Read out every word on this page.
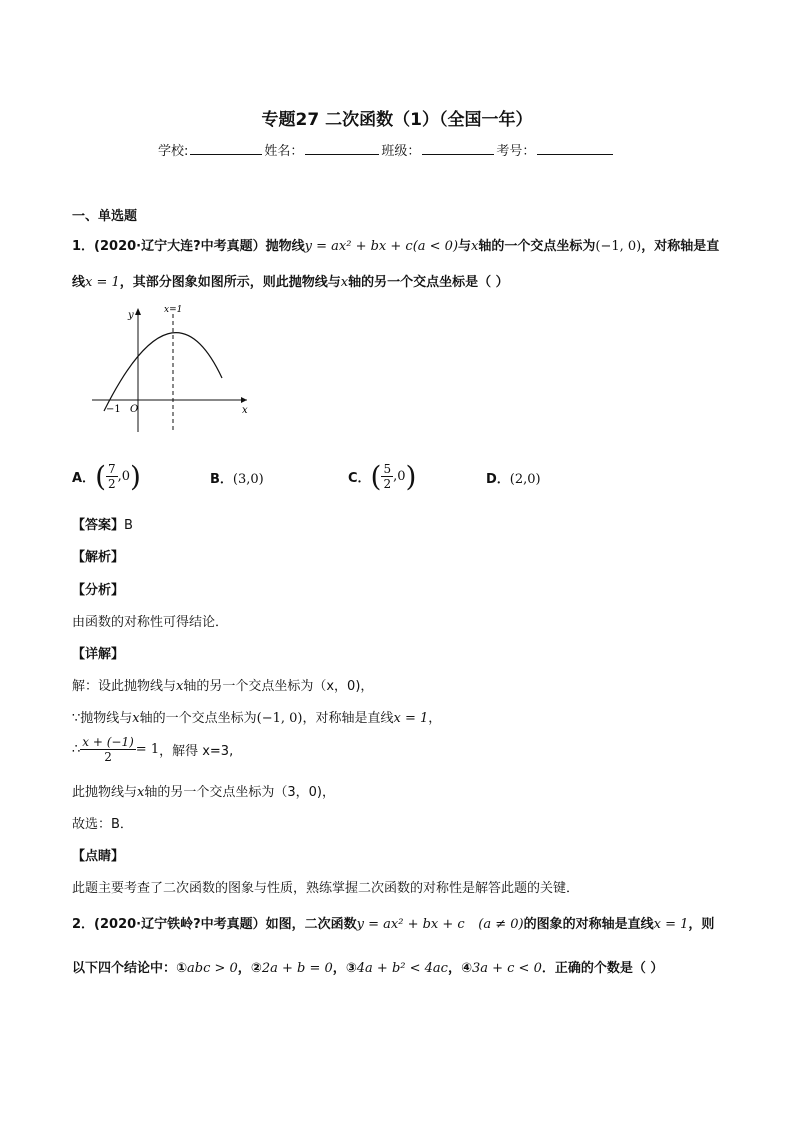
专题27 二次函数（1）（全国一年）
学校:	姓名：	班级：	考号：
一、单选题
1．(2020·辽宁大连?中考真题）抛物线y = ax² + bx + c(a < 0)与x轴的一个交点坐标为(−1, 0)，对称轴是直
线x = 1，其部分图象如图所示，则此抛物线与x轴的另一个交点坐标是（ ）
y
x
x=1
−1 O
A．( $\frac{7}{2} ,0$)	B．(3,0)	C．( $\frac{5}{2} ,0$)	D．(2,0)
【答案】B
【解析】
【分析】
由函数的对称性可得结论．
【详解】
解：设此抛物线与x轴的另一个交点坐标为（x，0)，
∵抛物线与x轴的一个交点坐标为(−1, 0)，对称轴是直线x = 1，
∴ $\frac{x + (-1)}{2} = 1$，解得 x=3,
此抛物线与x轴的另一个交点坐标为（3，0)，
故选：B．
【点睛】
此题主要考查了二次函数的图象与性质，熟练掌握二次函数的对称性是解答此题的关键．
2．(2020·辽宁铁岭?中考真题）如图，二次函数y = ax² + bx + c (a ≠ 0)的图象的对称轴是直线x = 1，则
以下四个结论中：①abc > 0，②2a + b = 0，③4a + b² < 4ac，④3a + c < 0．正确的个数是（ ）
